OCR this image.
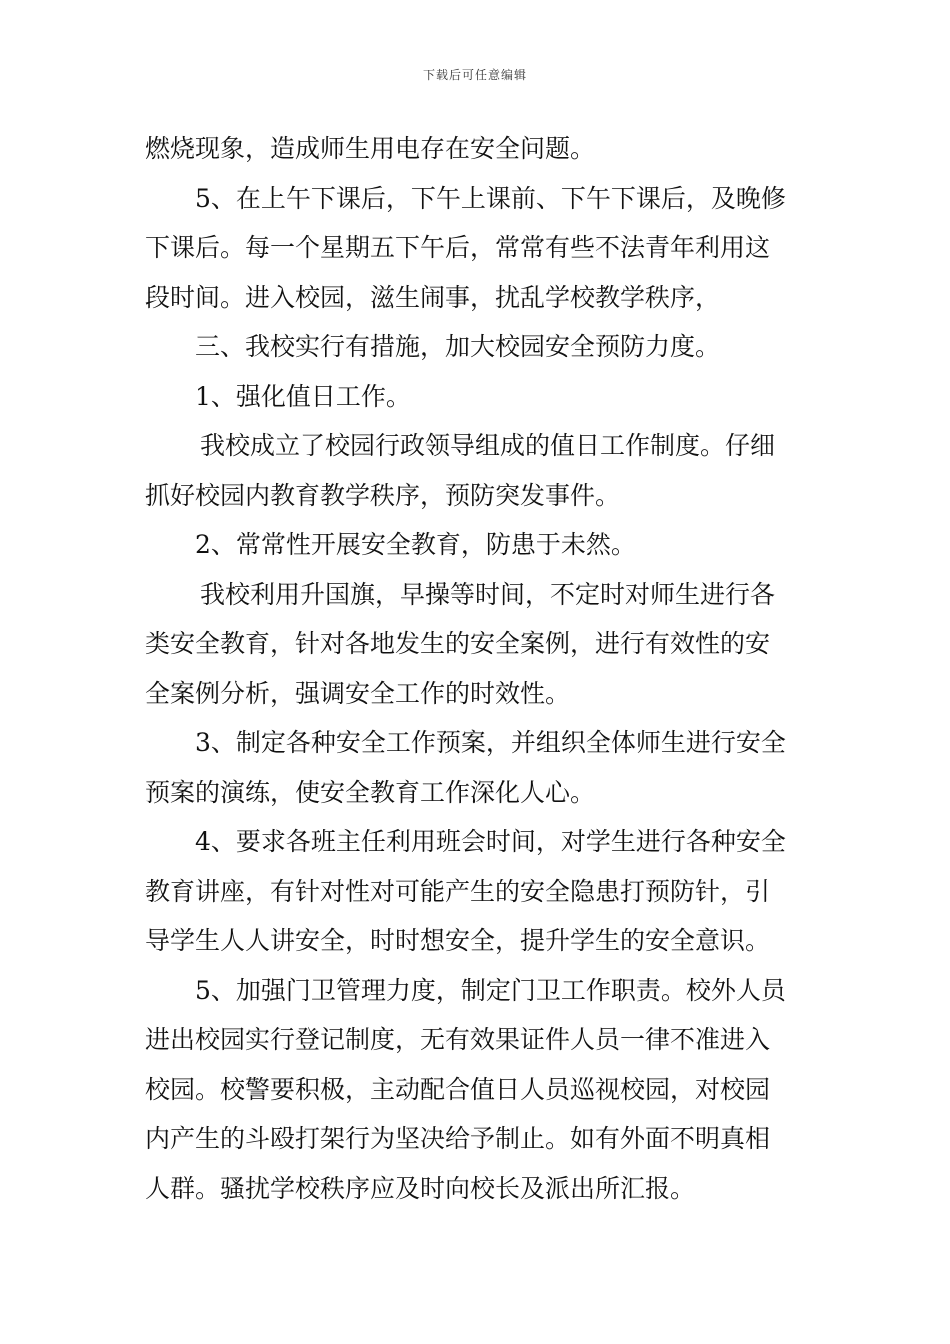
下载后可任意编辑
燃烧现象，造成师生用电存在安全问题。
5、在上午下课后，下午上课前、下午下课后，及晚修
下课后。每一个星期五下午后，常常有些不法青年利用这
段时间。进入校园，滋生闹事，扰乱学校教学秩序，
三、我校实行有措施，加大校园安全预防力度。
1、强化值日工作。
我校成立了校园行政领导组成的值日工作制度。仔细
抓好校园内教育教学秩序，预防突发事件。
2、常常性开展安全教育，防患于未然。
我校利用升国旗，早操等时间，不定时对师生进行各
类安全教育，针对各地发生的安全案例，进行有效性的安
全案例分析，强调安全工作的时效性。
3、制定各种安全工作预案，并组织全体师生进行安全
预案的演练，使安全教育工作深化人心。
4、要求各班主任利用班会时间，对学生进行各种安全
教育讲座，有针对性对可能产生的安全隐患打预防针，引
导学生人人讲安全，时时想安全，提升学生的安全意识。
5、加强门卫管理力度，制定门卫工作职责。校外人员
进出校园实行登记制度，无有效果证件人员一律不准进入
校园。校警要积极，主动配合值日人员巡视校园，对校园
内产生的斗殴打架行为坚决给予制止。如有外面不明真相
人群。骚扰学校秩序应及时向校长及派出所汇报。
